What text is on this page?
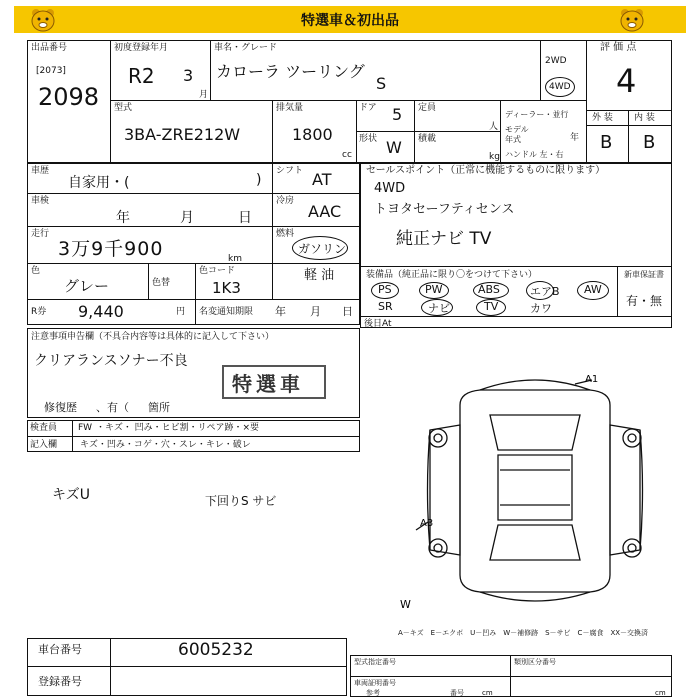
特選車＆初出品
出品番号
[2073]
2098
初度登録年月
R2 3
月
車名・グレード
カローラ ツーリング
S
2WD
4WD
評 価 点
4
外 装 内 装
B B
型式
3BA-ZRE212W
排気量
1800
cc
ドア 5
形状 W
定員
人
積載
kg
ディーラー・並行
モデル 年式	年
ハンドル 左・右
車歴
自家用・(	)
シフト AT
車検
年	月	日
冷房
AAC
走行
3万9千900	km
燃料
ガソリン
軽 油
色
グレー	色替
色コード
1K3
R券 9,440	円 名変通知期限 年 月 日
セールスポイント（正常に機能するものに限ります）
4WD
トヨタセーフティセンス
純正ナビ TV
装備品（純正品に限り〇をつけて下さい）
PS	PW	ABS	エアB AW
SR	ナビ	TV	カワ
新車保証書
有・無
後日At
注意事項申告欄（不具合内容等は具体的に記入して下さい）
クリアランスソナー不良
特選車
修復歴 、有（ 箇所
検査員 FW ・キズ・ 凹み・ヒビ割・リペア跡・×要
記入欄	キズ・凹み・コゲ・穴・スレ・キレ・破レ
キズU	下回りS サビ
A1
A3
W
A－キズ　E－エクボ　U－凹み　W－補修跡　S－サビ　C－腐食　XX－交換済
車台番号	6005232
登録番号
型式指定番号	類別区分番号
車両証明番号
参考	番号	cm	cm
